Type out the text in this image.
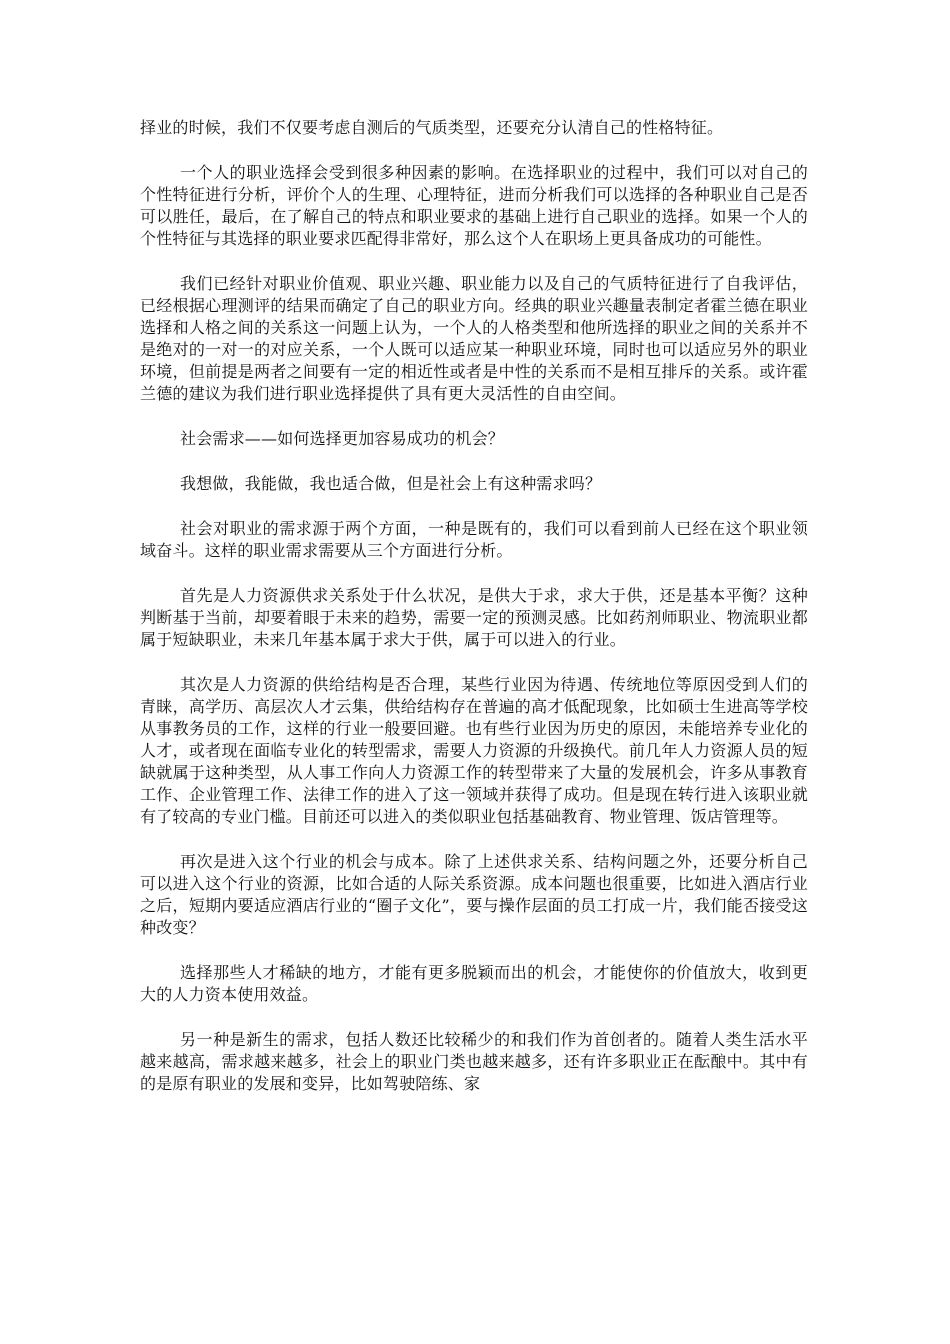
择业的时候，我们不仅要考虑自测后的气质类型，还要充分认清自己的性格特征。

一个人的职业选择会受到很多种因素的影响。在选择职业的过程中，我们可以对自己的个性特征进行分析，评价个人的生理、心理特征，进而分析我们可以选择的各种职业自己是否可以胜任，最后，在了解自己的特点和职业要求的基础上进行自己职业的选择。如果一个人的个性特征与其选择的职业要求匹配得非常好，那么这个人在职场上更具备成功的可能性。

我们已经针对职业价值观、职业兴趣、职业能力以及自己的气质特征进行了自我评估，已经根据心理测评的结果而确定了自己的职业方向。经典的职业兴趣量表制定者霍兰德在职业选择和人格之间的关系这一问题上认为，一个人的人格类型和他所选择的职业之间的关系并不是绝对的一对一的对应关系，一个人既可以适应某一种职业环境，同时也可以适应另外的职业环境，但前提是两者之间要有一定的相近性或者是中性的关系而不是相互排斥的关系。或许霍兰德的建议为我们进行职业选择提供了具有更大灵活性的自由空间。

社会需求——如何选择更加容易成功的机会？

我想做，我能做，我也适合做，但是社会上有这种需求吗？

社会对职业的需求源于两个方面，一种是既有的，我们可以看到前人已经在这个职业领域奋斗。这样的职业需求需要从三个方面进行分析。

首先是人力资源供求关系处于什么状况，是供大于求，求大于供，还是基本平衡？这种判断基于当前，却要着眼于未来的趋势，需要一定的预测灵感。比如药剂师职业、物流职业都属于短缺职业，未来几年基本属于求大于供，属于可以进入的行业。

其次是人力资源的供给结构是否合理，某些行业因为待遇、传统地位等原因受到人们的青睐，高学历、高层次人才云集，供给结构存在普遍的高才低配现象，比如硕士生进高等学校从事教务员的工作，这样的行业一般要回避。也有些行业因为历史的原因，未能培养专业化的人才，或者现在面临专业化的转型需求，需要人力资源的升级换代。前几年人力资源人员的短缺就属于这种类型，从人事工作向人力资源工作的转型带来了大量的发展机会，许多从事教育工作、企业管理工作、法律工作的进入了这一领域并获得了成功。但是现在转行进入该职业就有了较高的专业门槛。目前还可以进入的类似职业包括基础教育、物业管理、饭店管理等。

再次是进入这个行业的机会与成本。除了上述供求关系、结构问题之外，还要分析自己可以进入这个行业的资源，比如合适的人际关系资源。成本问题也很重要，比如进入酒店行业之后，短期内要适应酒店行业的“圈子文化”，要与操作层面的员工打成一片，我们能否接受这种改变？

选择那些人才稀缺的地方，才能有更多脱颖而出的机会，才能使你的价值放大，收到更大的人力资本使用效益。

另一种是新生的需求，包括人数还比较稀少的和我们作为首创者的。随着人类生活水平越来越高，需求越来越多，社会上的职业门类也越来越多，还有许多职业正在酝酿中。其中有的是原有职业的发展和变异，比如驾驶陪练、家
